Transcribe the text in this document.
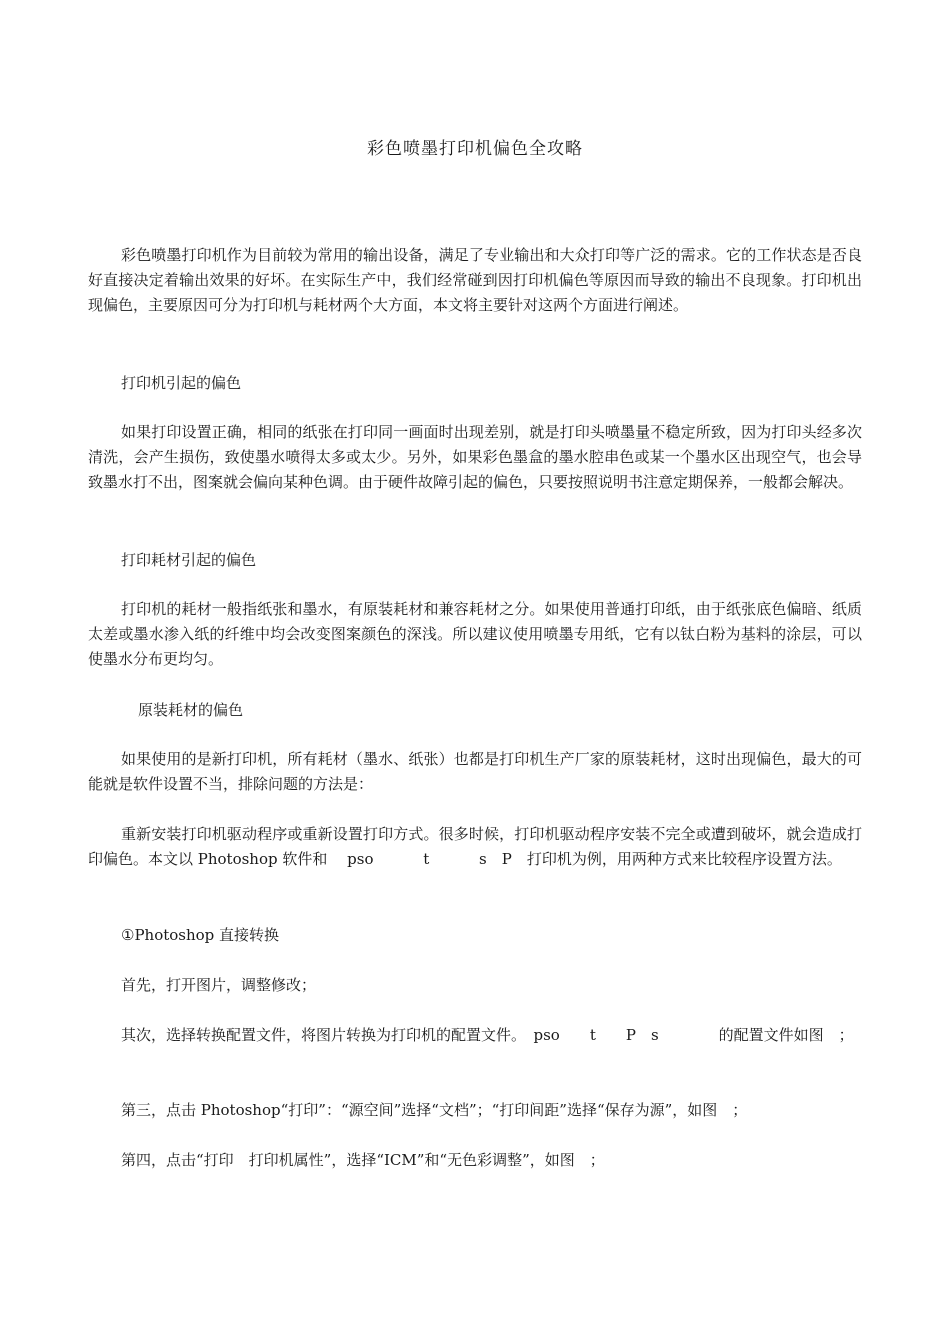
彩色喷墨打印机偏色全攻略

彩色喷墨打印机作为目前较为常用的输出设备，满足了专业输出和大众打印等广泛的需求。它的工作状态是否良好直接决定着输出效果的好坏。在实际生产中，我们经常碰到因打印机偏色等原因而导致的输出不良现象。打印机出现偏色，主要原因可分为打印机与耗材两个大方面，本文将主要针对这两个方面进行阐述。

打印机引起的偏色

如果打印设置正确，相同的纸张在打印同一画面时出现差别，就是打印头喷墨量不稳定所致，因为打印头经多次清洗，会产生损伤，致使墨水喷得太多或太少。另外，如果彩色墨盒的墨水腔串色或某一个墨水区出现空气，也会导致墨水打不出，图案就会偏向某种色调。由于硬件故障引起的偏色，只要按照说明书注意定期保养，一般都会解决。

打印耗材引起的偏色

打印机的耗材一般指纸张和墨水，有原装耗材和兼容耗材之分。如果使用普通打印纸，由于纸张底色偏暗、纸质太差或墨水渗入纸的纤维中均会改变图案颜色的深浅。所以建议使用喷墨专用纸，它有以钛白粉为基料的涂层，可以使墨水分布更均匀。

原装耗材的偏色

如果使用的是新打印机，所有耗材（墨水、纸张）也都是打印机生产厂家的原装耗材，这时出现偏色，最大的可能就是软件设置不当，排除问题的方法是：

重新安装打印机驱动程序或重新设置打印方式。很多时候，打印机驱动程序安装不完全或遭到破坏，就会造成打印偏色。本文以 Photoshop 软件和　 pso　　　 t　　　 s　P　打印机为例，用两种方式来比较程序设置方法。

①Photoshop 直接转换

首先，打开图片，调整修改；

其次，选择转换配置文件，将图片转换为打印机的配置文件。　pso　　t　　P　s　　　　的配置文件如图　；

第三，点击 Photoshop“打印”：“源空间”选择“文档”；“打印间距”选择“保存为源”，如图　；

第四，点击“打印　打印机属性”，选择“ICM”和“无色彩调整”，如图　；
